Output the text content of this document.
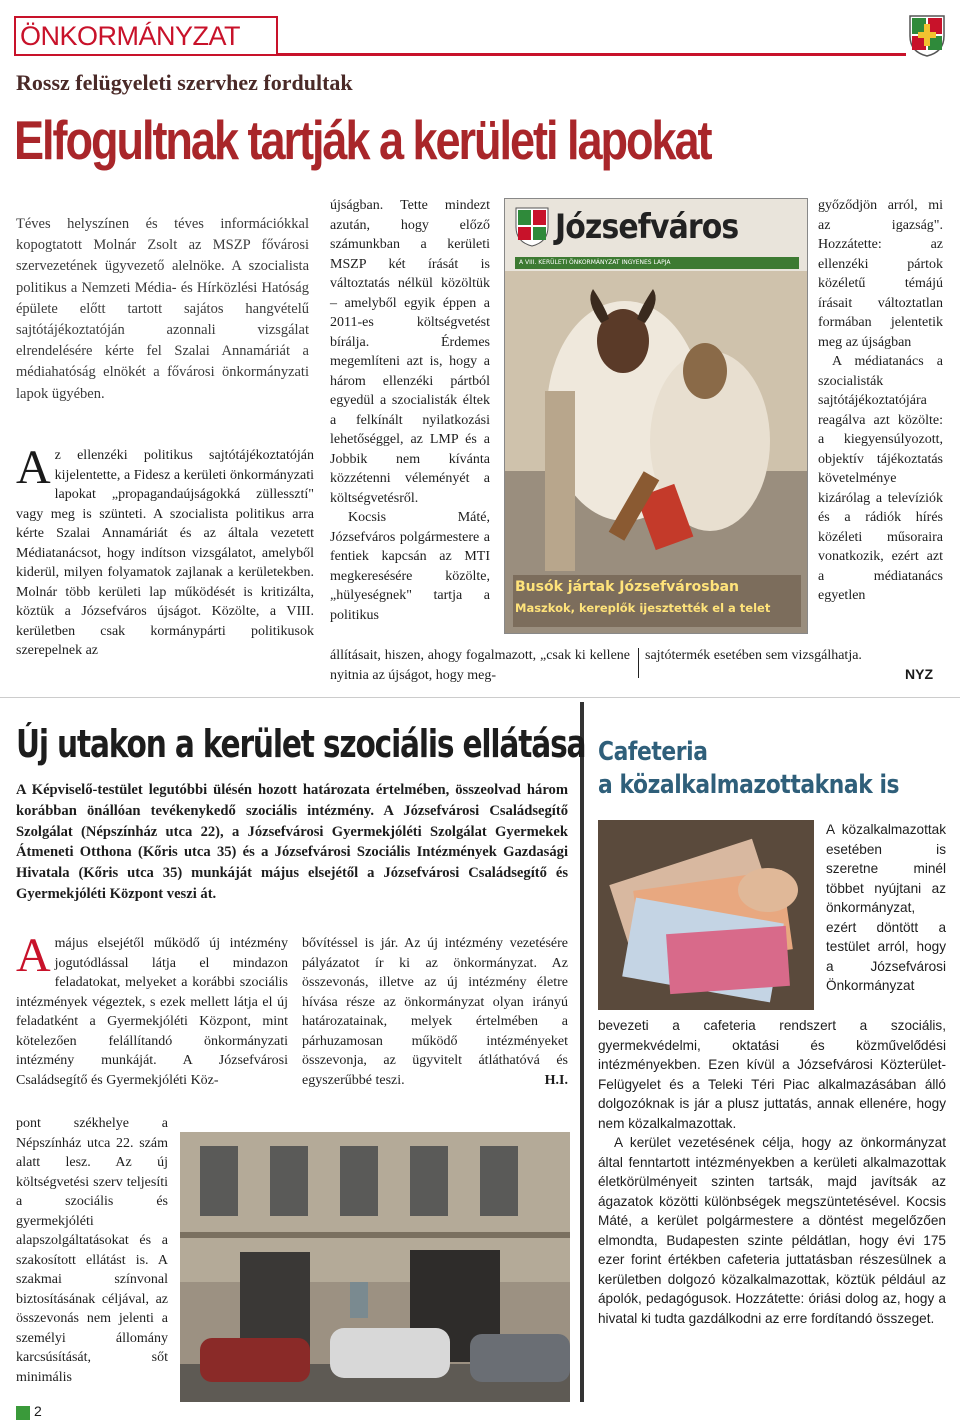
ÖNKORMÁNYZAT
Rossz felügyeleti szervhez fordultak
Elfogultnak tartják a kerületi lapokat

Téves helyszínen és téves információkkal kopogtatott Molnár Zsolt az MSZP fővárosi szervezetének ügyvezető alelnöke. A szocialista politikus a Nemzeti Média- és Hírközlési Hatóság épülete előtt tartott sajátos hangvételű sajtótájékoztatóján azonnali vizsgálat elrendelésére kérte fel Szalai Annamáriát a médiahatóság elnökét a fővárosi önkormányzati lapok ügyében.

Az ellenzéki politikus sajtótájékoztatóján kijelentette, a Fidesz a kerületi önkormányzati lapokat „propagandaújságokká züllessztí" vagy meg is szünteti. A szocialista politikus arra kérte Szalai Annamáriát és az általa vezetett Médiatanácsot, hogy indítson vizsgálatot, amelyből kiderül, milyen folyamatok zajlanak a kerületekben. Molnár több kerületi lap működését is kritizálta, köztük a Józsefváros újságot. Közölte, a VIII. kerületben csak kormánypárti politikusok szerepelnek az

újságban. Tette mindezt azután, hogy előző számunkban a kerületi MSZP két írását is változtatás nélkül közöltük – amelyből egyik éppen a 2011-es költségvetést bírálja. Érdemes megemlíteni azt is, hogy a három ellenzéki pártból egyedül a szocialisták éltek a felkínált nyilatkozási lehetőséggel, az LMP és a Jobbik nem kívánta közzétenni véleményét a költségvetésről.

Kocsis Máté, Józsefváros polgármestere a fentiek kapcsán az MTI megkeresésére közölte, „hülyeségnek" tartja a politikus

állításait, hiszen, ahogy fogalmazott, „csak ki kellene nyitnia az újságot, hogy meg-

győződjön arról, mi az igazság". Hozzátette: az ellenzéki pártok közéletű témájú írásait változtatlan formában jelentetik meg az újságban

A médiatanács a szocialisták sajtótájékoztatójára reagálva azt közölte: a kiegyensúlyozott, objektív tájékoztatás követelménye kizárólag a televíziók és a rádiók hírés közéleti műsoraira vonatkozik, ezért azt a médiatanács egyetlen

sajtótermék esetében sem vizsgálhatja.

NYZ
Józsefváros
A VIII. KERÜLETI ÖNKORMÁNYZAT INGYENES LAPJA
Busók jártak Józsefvárosban
Maszkok, kereplők ijesztették el a telet
Új utakon a kerület szociális ellátása

A Képviselő-testület legutóbbi ülésén hozott határozata értelmében, összeolvad három korábban önállóan tevékenykedő szociális intézmény. A Józsefvárosi Családsegítő Szolgálat (Népszínház utca 22), a Józsefvárosi Gyermekjóléti Szolgálat Gyermekek Átmeneti Otthona (Kőris utca 35) és a Józsefvárosi Szociális Intézmények Gazdasági Hivatala (Kőris utca 35) munkáját május elsejétől a Józsefvárosi Családsegítő és Gyermekjóléti Központ veszi át.

Amájus elsejétől működő új intézmény jogutódlással látja el mindazon feladatokat, melyeket a korábbi szociális intézmények végeztek, s ezek mellett látja el új feladatként a Gyermekjóléti Központ, mint kötelezően felállítandó önkormányzati intézmény munkáját. A Józsefvárosi Családsegítő és Gyermekjóléti Köz-
bővítéssel is jár. Az új intézmény vezetésére pályázatot ír ki az önkormányzat. Az összevonás, illetve az új intézmény életre hívása része az önkormányzat olyan irányú határozatainak, melyek értelmében a párhuzamosan működő intézményeket összevonja, az ügyvitelt átláthatóvá és egyszerűbbé teszi.	H.I.

pont székhelye a Népszínház utca 22. szám alatt lesz. Az új költségvetési szerv teljesíti a szociális és gyermekjóléti alapszolgáltatásokat és a szakosított ellátást is. A szakmai színvonal biztosításának céljával, az összevonás nem jelenti a személyi állomány karcsúsítását, sőt minimális

Cafeteria
a közalkalmazottaknak is

A közalkalmazottak esetében is szeretne minél többet nyújtani az önkormányzat, ezért döntött a testület arról, hogy a Józsefvárosi Önkormányzat

bevezeti a cafeteria rendszert a szociális, gyermekvédelmi, oktatási és közművelődési intézményekben. Ezen kívül a Józsefvárosi Közterület-Felügyelet és a Teleki Téri Piac alkalmazásában álló dolgozóknak is jár a plusz juttatás, annak ellenére, hogy nem közalkalmazottak.

A kerület vezetésének célja, hogy az önkormányzat által fenntartott intézményekben a kerületi alkalmazottak életkörülményeit szinten tartsák, majd javítsák az ágazatok közötti különbségek megszüntetésével. Kocsis Máté, a kerület polgármestere a döntést megelőzően elmondta, Budapesten szinte példátlan, hogy évi 175 ezer forint értékben cafeteria juttatásban részesülnek a kerületben dolgozó közalkalmazottak, köztük például az ápolók, pedagógusok. Hozzátette: óriási dolog az, hogy a hivatal ki tudta gazdálkodni az erre fordítandó összeget.

2
